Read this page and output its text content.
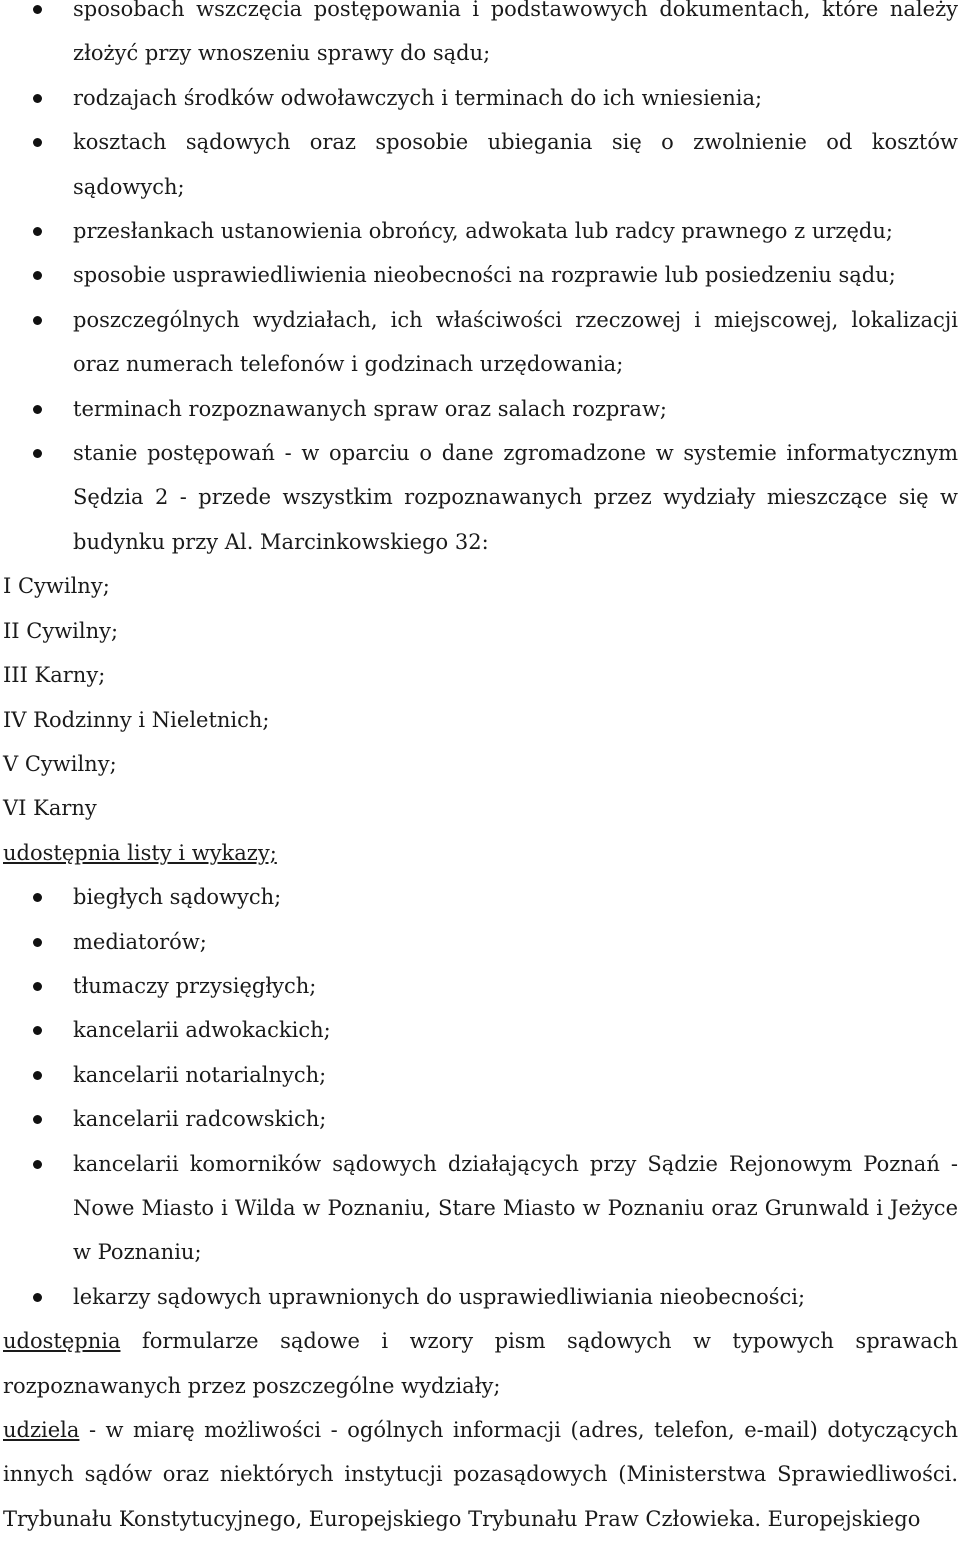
sposobach wszczęcia postępowania i podstawowych dokumentach, które należy złożyć przy wnoszeniu sprawy do sądu;
rodzajach środków odwoławczych i terminach do ich wniesienia;
kosztach sądowych oraz sposobie ubiegania się o zwolnienie od kosztów sądowych;
przesłankach ustanowienia obrońcy, adwokata lub radcy prawnego z urzędu;
sposobie usprawiedliwienia nieobecności na rozprawie lub posiedzeniu sądu;
poszczególnych wydziałach, ich właściwości rzeczowej i miejscowej, lokalizacji oraz numerach telefonów i godzinach urzędowania;
terminach rozpoznawanych spraw oraz salach rozpraw;
stanie postępowań - w oparciu o dane zgromadzone w systemie informatycznym Sędzia 2 - przede wszystkim rozpoznawanych przez wydziały mieszczące się w budynku przy Al. Marcinkowskiego 32:

I Cywilny;

II Cywilny;

III Karny;

IV Rodzinny i Nieletnich;

V Cywilny;

VI Karny

udostępnia listy i wykazy;

biegłych sądowych;
mediatorów;
tłumaczy przysięgłych;
kancelarii adwokackich;
kancelarii notarialnych;
kancelarii radcowskich;
kancelarii komorników sądowych działających przy Sądzie Rejonowym Poznań - Nowe Miasto i Wilda w Poznaniu, Stare Miasto w Poznaniu oraz Grunwald i Jeżyce w Poznaniu;
lekarzy sądowych uprawnionych do usprawiedliwiania nieobecności;

udostępnia formularze sądowe i wzory pism sądowych w typowych sprawach rozpoznawanych przez poszczególne wydziały;

udziela - w miarę możliwości - ogólnych informacji (adres, telefon, e-mail) dotyczących innych sądów oraz niektórych instytucji pozasądowych (Ministerstwa Sprawiedliwości. Trybunału Konstytucyjnego, Europejskiego Trybunału Praw Człowieka. Europejskiego
